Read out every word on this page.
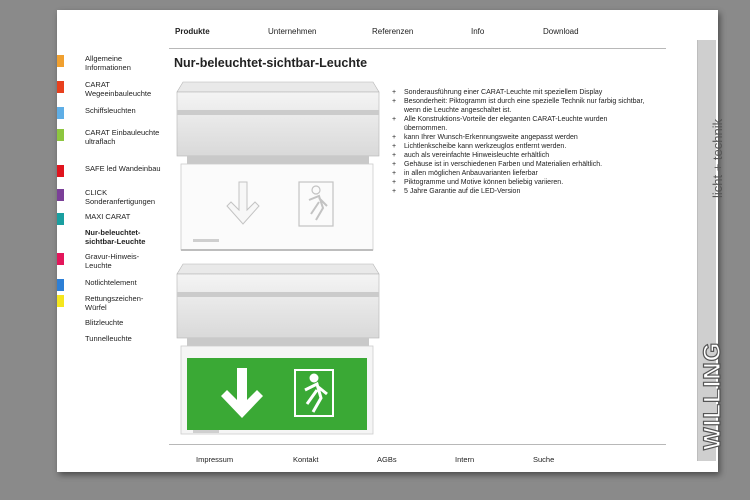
Produkte	Unternehmen	Referenzen	Info	Download
Allgemeine Informationen
CARAT Wegeeinbauleuchte
Schiffsleuchten
CARAT Einbauleuchte ultraflach
SAFE led Wandeinbau
CLICK Sonderanfertigungen
MAXI CARAT
Nur-beleuchtet-sichtbar-Leuchte
Gravur-Hinweis-Leuchte
Notlichtelement
Rettungszeichen-Würfel
Blitzleuchte
Tunnelleuchte
Nur-beleuchtet-sichtbar-Leuchte
+ Sonderausführung einer CARAT-Leuchte mit speziellem Display
+ Besonderheit: Piktogramm ist durch eine spezielle Technik nur farbig sichtbar, wenn die Leuchte angeschaltet ist.
+ Alle Konstruktions-Vorteile der eleganten CARAT-Leuchte wurden übernommen.
+ kann Ihrer Wunsch-Erkennungsweite angepasst werden
+ Lichtlenkscheibe kann werkzeuglos entfernt werden.
+ auch als vereinfachte Hinweisleuchte erhältlich
+ Gehäuse ist in verschiedenen Farben und Materialien erhältlich.
+ in allen möglichen Anbauvarianten lieferbar
+ Piktogramme und Motive können beliebig variieren.
+ 5 Jahre Garantie auf die LED-Version
WILLING
licht + technik
Impressum	Kontakt	AGBs	Intern	Suche
